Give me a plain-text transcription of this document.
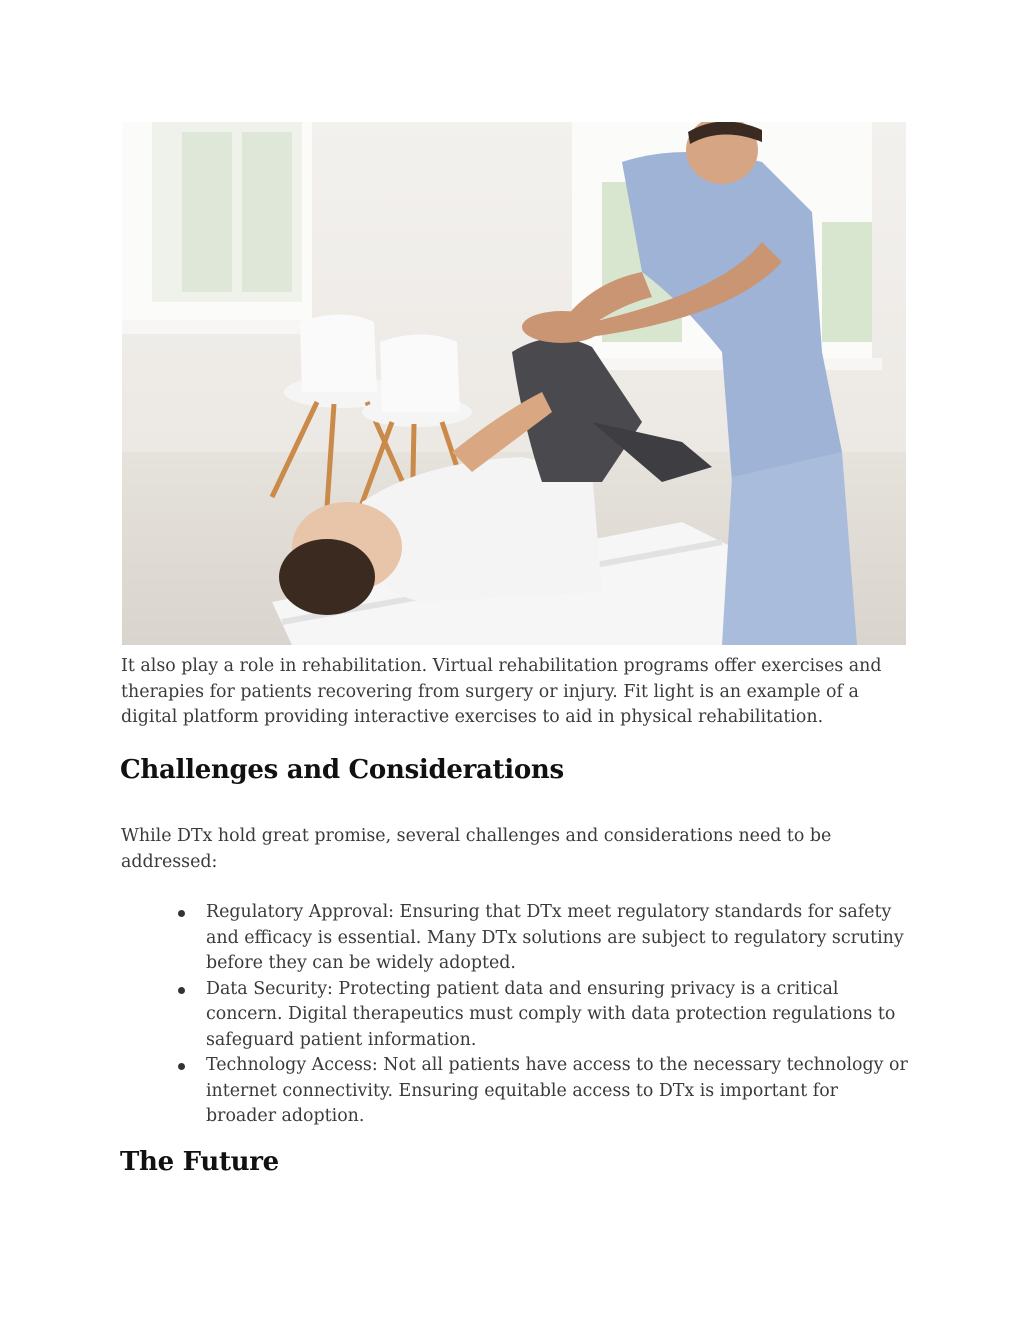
It also play a role in rehabilitation. Virtual rehabilitation programs offer exercises and therapies for patients recovering from surgery or injury. Fit light is an example of a digital platform providing interactive exercises to aid in physical rehabilitation.

Challenges and Considerations

While DTx hold great promise, several challenges and considerations need to be addressed:

Regulatory Approval: Ensuring that DTx meet regulatory standards for safety and efficacy is essential. Many DTx solutions are subject to regulatory scrutiny before they can be widely adopted.
Data Security: Protecting patient data and ensuring privacy is a critical concern. Digital therapeutics must comply with data protection regulations to safeguard patient information.
Technology Access: Not all patients have access to the necessary technology or internet connectivity. Ensuring equitable access to DTx is important for broader adoption.
The Future
